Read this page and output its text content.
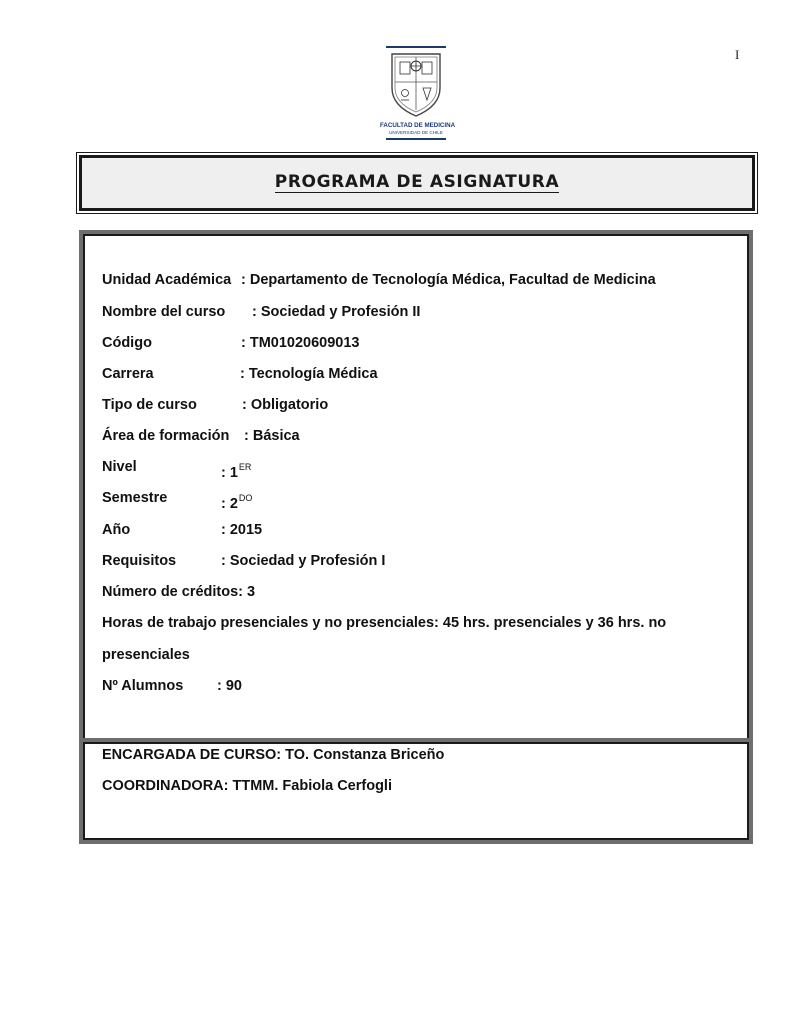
I
FACULTAD DE MEDICINA
UNIVERSIDAD DE CHILE
PROGRAMA DE ASIGNATURA
Unidad Académica : Departamento de Tecnología Médica, Facultad de Medicina
Nombre del curso : Sociedad y Profesión II
Código	: TM01020609013
Carrera	: Tecnología Médica
Tipo de curso	: Obligatorio
Área de formación : Básica
Nivel	: 1ER
Semestre	: $2^{DO}$
Año	: 2015
Requisitos	: Sociedad y Profesión I
Número de créditos: 3
Horas de trabajo presenciales y no presenciales: 45 hrs. presenciales y 36 hrs. no
presenciales
Nº Alumnos : 90
ENCARGADA DE CURSO: TO. Constanza Briceño
COORDINADORA: TTMM. Fabiola Cerfogli
